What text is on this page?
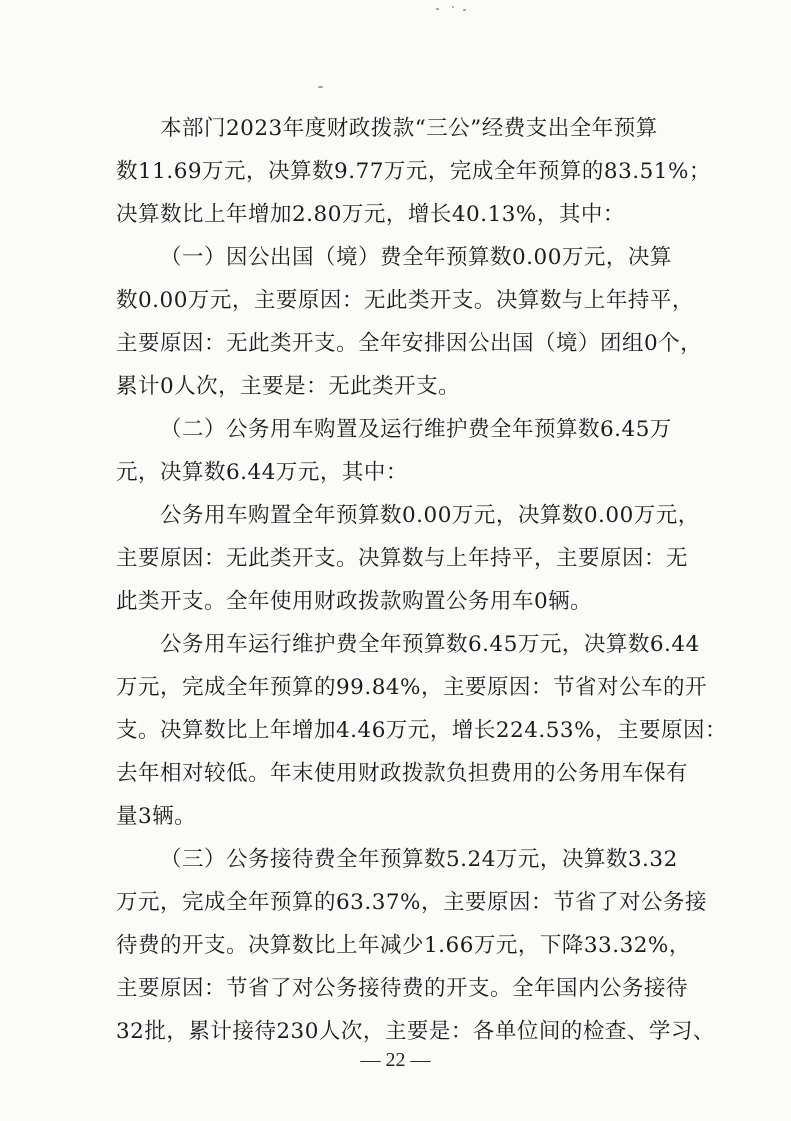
本部门2023年度财政拨款“三公”经费支出全年预算
数11.69万元，决算数9.77万元，完成全年预算的83.51%；
决算数比上年增加2.80万元，增长40.13%，其中：
（一）因公出国（境）费全年预算数0.00万元，决算
数0.00万元，主要原因：无此类开支。决算数与上年持平，
主要原因：无此类开支。全年安排因公出国（境）团组0个，
累计0人次，主要是：无此类开支。
（二）公务用车购置及运行维护费全年预算数6.45万
元，决算数6.44万元，其中：
公务用车购置全年预算数0.00万元，决算数0.00万元，
主要原因：无此类开支。决算数与上年持平，主要原因：无
此类开支。全年使用财政拨款购置公务用车0辆。
公务用车运行维护费全年预算数6.45万元，决算数6.44
万元，完成全年预算的99.84%，主要原因：节省对公车的开
支。决算数比上年增加4.46万元，增长224.53%，主要原因：
去年相对较低。年末使用财政拨款负担费用的公务用车保有
量3辆。
（三）公务接待费全年预算数5.24万元，决算数3.32
万元，完成全年预算的63.37%，主要原因：节省了对公务接
待费的开支。决算数比上年减少1.66万元，下降33.32%，
主要原因：节省了对公务接待费的开支。全年国内公务接待
32批，累计接待230人次，主要是：各单位间的检查、学习、
— 22 —
